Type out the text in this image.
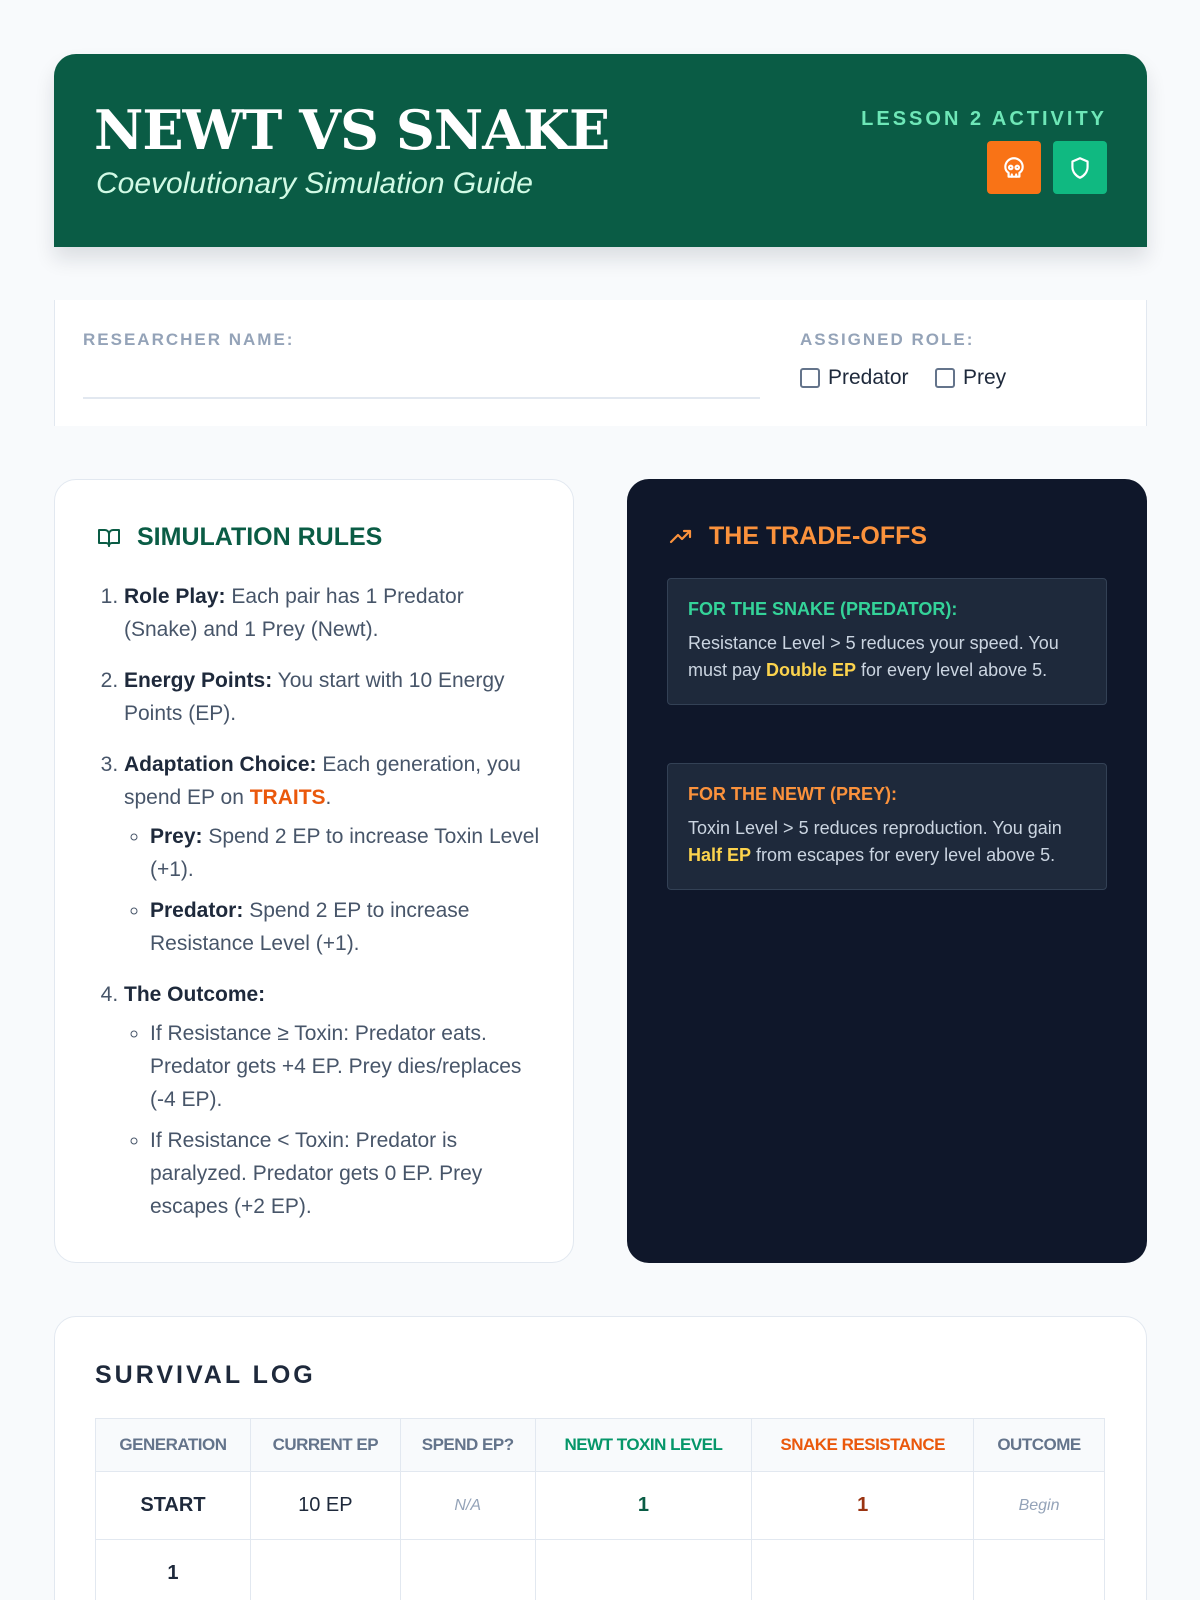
NEWT VS SNAKE
Coevolutionary Simulation Guide
LESSON 2 ACTIVITY
RESEARCHER NAME:	ASSIGNED ROLE:
Predator	Prey
SIMULATION RULES
1. Role Play: Each pair has 1 Predator (Snake) and 1 Prey (Newt).
2. Energy Points: You start with 10 Energy Points (EP).
3. Adaptation Choice: Each generation, you spend EP on TRAITS.
◦ Prey: Spend 2 EP to increase Toxin Level (+1).
◦ Predator: Spend 2 EP to increase Resistance Level (+1).
4. The Outcome:
◦ If Resistance ≥ Toxin: Predator eats. Predator gets +4 EP. Prey dies/replaces (-4 EP).
◦ If Resistance < Toxin: Predator is paralyzed. Predator gets 0 EP. Prey escapes (+2 EP).
THE TRADE-OFFS
FOR THE SNAKE (PREDATOR):
Resistance Level > 5 reduces your speed. You must pay Double EP for every level above 5.
FOR THE NEWT (PREY):
Toxin Level > 5 reduces reproduction. You gain Half EP from escapes for every level above 5.
SURVIVAL LOG
GENERATION	CURRENT EP	SPEND EP?	NEWT TOXIN LEVEL	SNAKE RESISTANCE	OUTCOME
START	10 EP	N/A	1	1	Begin
1					
